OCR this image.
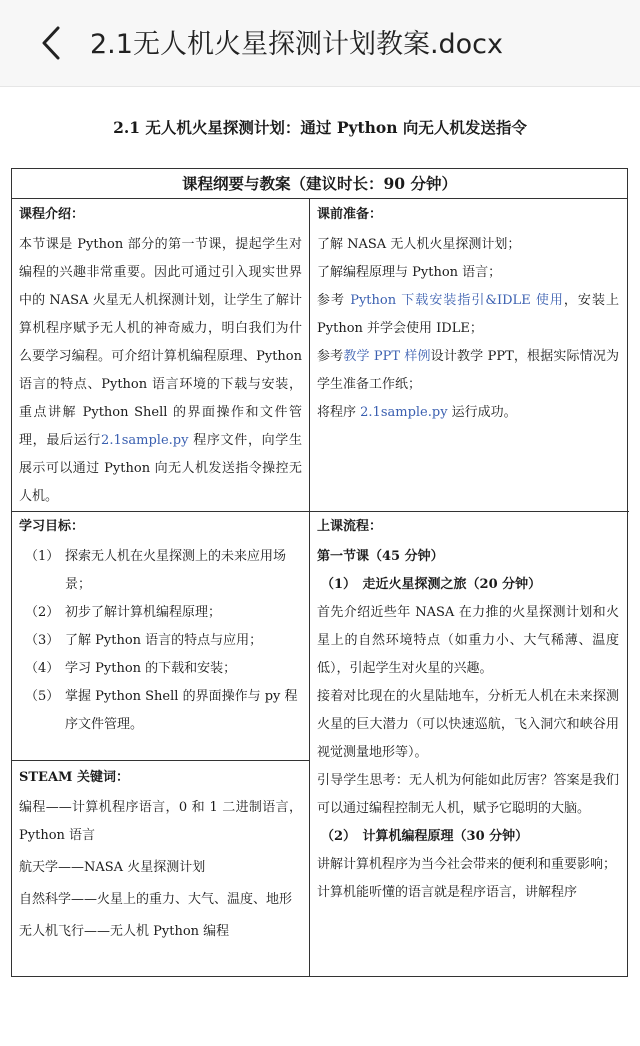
2.1无人机火星探测计划教案.docx
2.1 无人机火星探测计划：通过 Python 向无人机发送指令
课程纲要与教案（建议时长：90 分钟）
课程介绍：
本节课是 Python 部分的第一节课，提起学生对编程的兴趣非常重要。因此可通过引入现实世界中的 NASA 火星无人机探测计划，让学生了解计算机程序赋予无人机的神奇威力，明白我们为什么要学习编程。可介绍计算机编程原理、Python 语言的特点、Python 语言环境的下载与安装，重点讲解 Python Shell 的界面操作和文件管理，最后运行2.1sample.py 程序文件，向学生展示可以通过 Python 向无人机发送指令操控无人机。
课前准备：
了解 NASA 无人机火星探测计划；
了解编程原理与 Python 语言；
参考 Python 下载安装指引&IDLE 使用，安装上 Python 并学会使用 IDLE；
参考教学 PPT 样例设计教学 PPT，根据实际情况为学生准备工作纸；
将程序 2.1sample.py 运行成功。
学习目标：
（1） 探索无人机在火星探测上的未来应用场景；
（2） 初步了解计算机编程原理；
（3） 了解 Python 语言的特点与应用；
（4） 学习 Python 的下载和安装；
（5） 掌握 Python Shell 的界面操作与 py 程序文件管理。
STEAM 关键词：
编程——计算机程序语言，0 和 1 二进制语言，Python 语言
航天学——NASA 火星探测计划
自然科学——火星上的重力、大气、温度、地形
无人机飞行——无人机 Python 编程
上课流程：
第一节课（45 分钟）
（1）　走近火星探测之旅（20 分钟）
首先介绍近些年 NASA 在力推的火星探测计划和火星上的自然环境特点（如重力小、大气稀薄、温度低），引起学生对火星的兴趣。
接着对比现在的火星陆地车，分析无人机在未来探测火星的巨大潜力（可以快速巡航，飞入洞穴和峡谷用视觉测量地形等）。
引导学生思考：无人机为何能如此厉害？答案是我们可以通过编程控制无人机，赋予它聪明的大脑。
（2）　计算机编程原理（30 分钟）
讲解计算机程序为当今社会带来的便利和重要影响；
计算机能听懂的语言就是程序语言，讲解程序
